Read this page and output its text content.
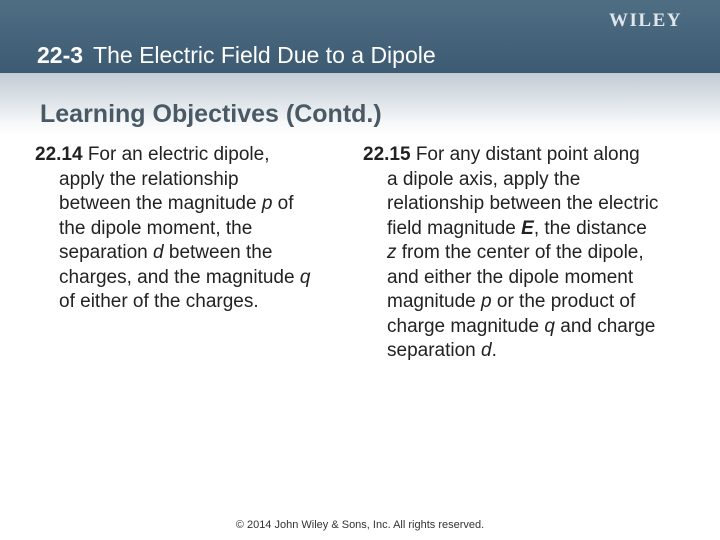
WILEY
22-3 The Electric Field Due to a Dipole
Learning Objectives (Contd.)
22.14 For an electric dipole,
apply the relationship
between the magnitude p of
the dipole moment, the
separation d between the
charges, and the magnitude q
of either of the charges.
22.15 For any distant point along
a dipole axis, apply the
relationship between the electric
field magnitude E, the distance
z from the center of the dipole,
and either the dipole moment
magnitude p or the product of
charge magnitude q and charge
separation d.
© 2014 John Wiley & Sons, Inc. All rights reserved.
